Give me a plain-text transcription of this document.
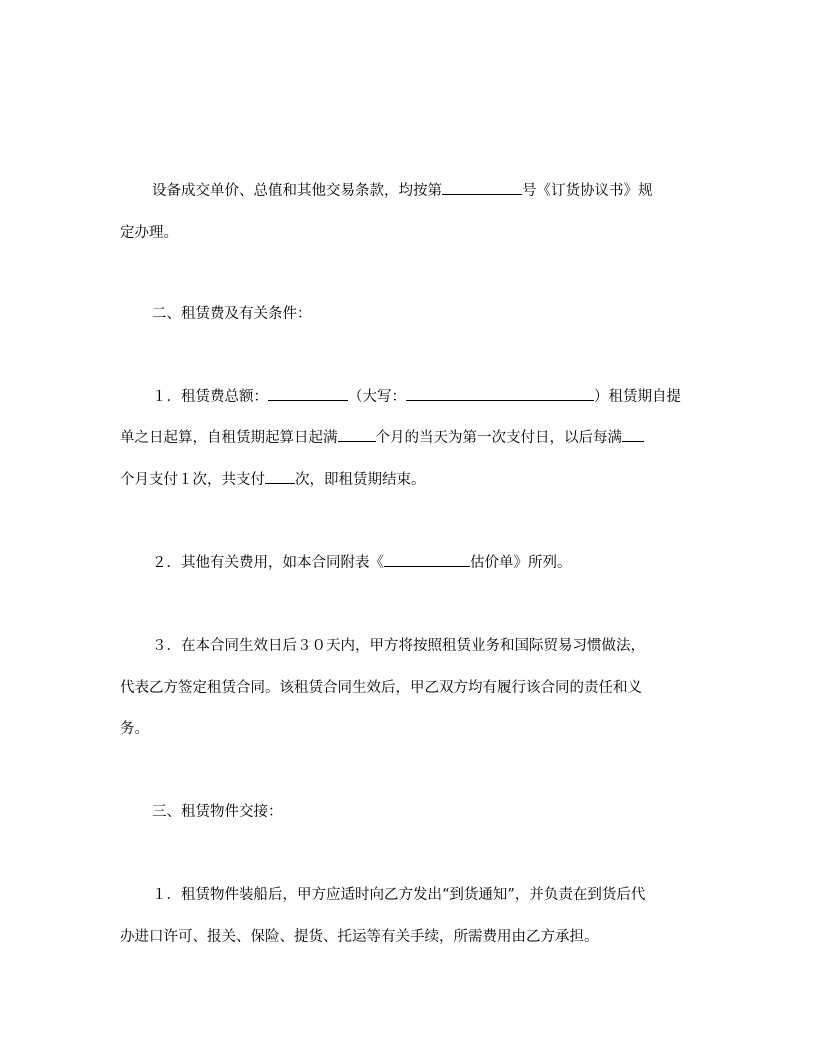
设备成交单价、总值和其他交易条款，均按第	号《订货协议书》规
定办理。
二、租赁费及有关条件：
１．租赁费总额：	（大写：	）租赁期自提
单之日起算，自租赁期起算日起满	个月的当天为第一次支付日，以后每满
个月支付１次，共支付 次，即租赁期结束。
２．其他有关费用，如本合同附表《	估价单》所列。
３．在本合同生效日后３０天内，甲方将按照租赁业务和国际贸易习惯做法，
代表乙方签定租赁合同。该租赁合同生效后，甲乙双方均有履行该合同的责任和义
务。
三、租赁物件交接：
１．租赁物件装船后，甲方应适时向乙方发出“到货通知”，并负责在到货后代
办进口许可、报关、保险、提货、托运等有关手续，所需费用由乙方承担。
